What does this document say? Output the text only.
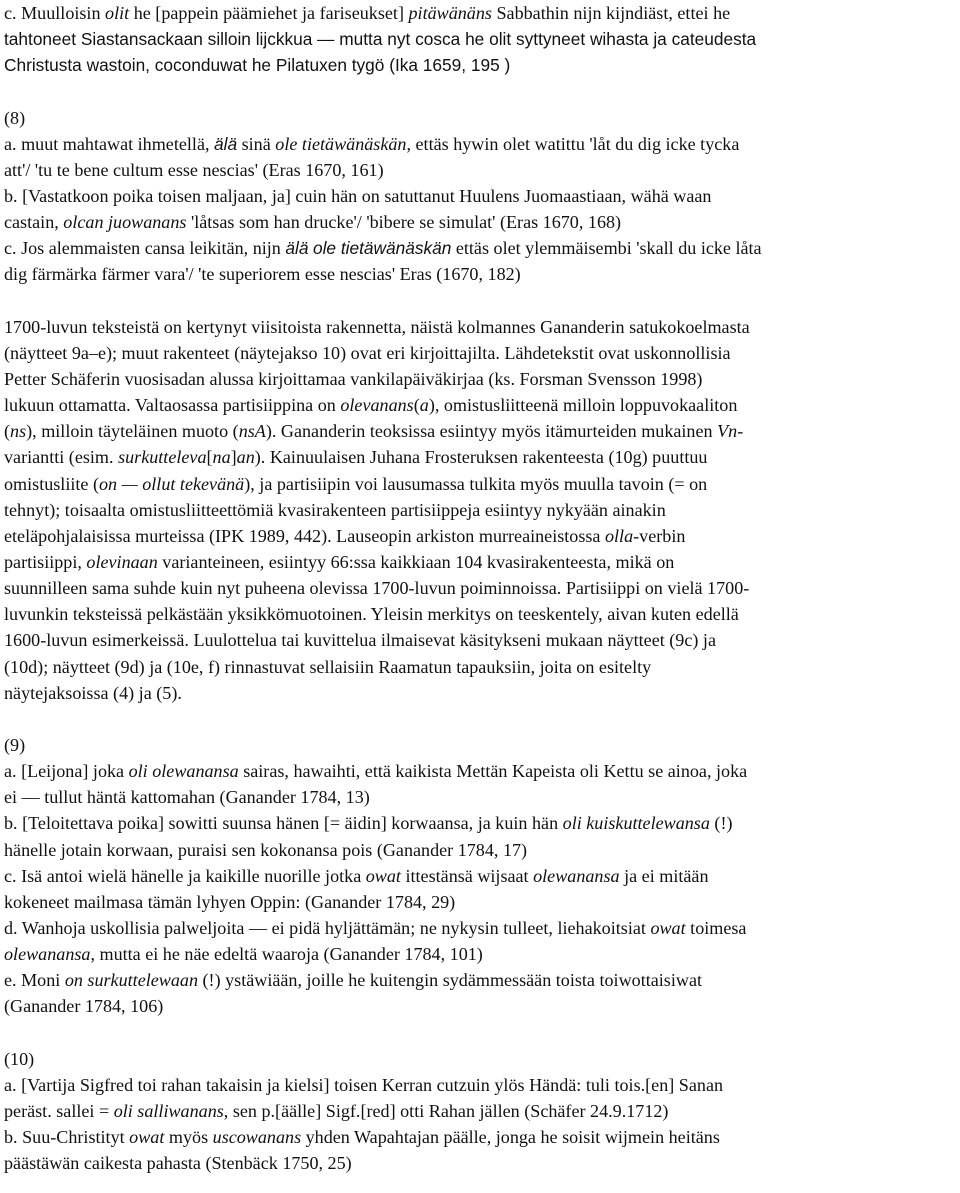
c. Muulloisin olit he [pappein päämiehet ja fariseukset] pitäwänäns Sabbathin nijn kijndiäst, ettei he
tahtoneet Siastansackaan silloin lijckkua — mutta nyt cosca he olit syttyneet wihasta ja cateudesta
Christusta wastoin, coconduwat he Pilatuxen tygö (Ika 1659, 195 )
(8)
a. muut mahtawat ihmetellä, älä sinä ole tietäwänäskän, ettäs hywin olet watittu 'låt du dig icke tycka
att'/ 'tu te bene cultum esse nescias' (Eras 1670, 161)
b. [Vastatkoon poika toisen maljaan, ja] cuin hän on satuttanut Huulens Juomaastiaan, wähä waan
castain, olcan juowanans 'låtsas som han drucke'/ 'bibere se simulat' (Eras 1670, 168)
c. Jos alemmaisten cansa leikitän, nijn älä ole tietäwänäskän ettäs olet ylemmäisembi 'skall du icke låta
dig färmärka färmer vara'/ 'te superiorem esse nescias' Eras (1670, 182)
1700-luvun teksteistä on kertynyt viisitoista rakennetta, näistä kolmannes Gananderin satukokoelmasta
(näytteet 9a–e); muut rakenteet (näytejakso 10) ovat eri kirjoittajilta. Lähdetekstit ovat uskonnollisia
Petter Schäferin vuosisadan alussa kirjoittamaa vankilapäiväkirjaa (ks. Forsman Svensson 1998)
lukuun ottamatta. Valtaosassa partisiippina on olevanans(a), omistusliitteenä milloin loppuvokaaliton
(ns), milloin täyteläinen muoto (nsA). Gananderin teoksissa esiintyy myös itämurteiden mukainen Vn-
variantti (esim. surkutteleva[na]an). Kainuulaisen Juhana Frosteruksen rakenteesta (10g) puuttuu
omistusliite (on — ollut tekevänä), ja partisiipin voi lausumassa tulkita myös muulla tavoin (= on
tehnyt); toisaalta omistusliitteettömiä kvasirakenteen partisiippeja esiintyy nykyään ainakin
eteläpohjalaisissa murteissa (IPK 1989, 442). Lauseopin arkiston murreaineistossa olla-verbin
partisiippi, olevinaan varianteineen, esiintyy 66:ssa kaikkiaan 104 kvasirakenteesta, mikä on
suunnilleen sama suhde kuin nyt puheena olevissa 1700-luvun poiminnoissa. Partisiippi on vielä 1700-
luvunkin teksteissä pelkästään yksikkömuotoinen. Yleisin merkitys on teeskentely, aivan kuten edellä
1600-luvun esimerkeissä. Luulottelua tai kuvittelua ilmaisevat käsitykseni mukaan näytteet (9c) ja
(10d); näytteet (9d) ja (10e, f) rinnastuvat sellaisiin Raamatun tapauksiin, joita on esitelty
näytejaksoissa (4) ja (5).
(9)
a. [Leijona] joka oli olewanansa sairas, hawaihti, että kaikista Mettän Kapeista oli Kettu se ainoa, joka
ei — tullut häntä kattomahan (Ganander 1784, 13)
b. [Teloitettava poika] sowitti suunsa hänen [= äidin] korwaansa, ja kuin hän oli kuiskuttelewansa (!)
hänelle jotain korwaan, puraisi sen kokonansa pois (Ganander 1784, 17)
c. Isä antoi wielä hänelle ja kaikille nuorille jotka owat ittestänsä wijsaat olewanansa ja ei mitään
kokeneet mailmasa tämän lyhyen Oppin: (Ganander 1784, 29)
d. Wanhoja uskollisia palweljoita — ei pidä hyljättämän; ne nykysin tulleet, liehakoitsiat owat toimesa
olewanansa, mutta ei he näe edeltä waaroja (Ganander 1784, 101)
e. Moni on surkuttelewaan (!) ystäwiään, joille he kuitengin sydämmessään toista toiwottaisiwat
(Ganander 1784, 106)
(10)
a. [Vartija Sigfred toi rahan takaisin ja kielsi] toisen Kerran cutzuin ylös Händä: tuli tois.[en] Sanan
peräst. sallei = oli salliwanans, sen p.[äälle] Sigf.[red] otti Rahan jällen (Schäfer 24.9.1712)
b. Suu-Christityt owat myös uscowanans yhden Wapahtajan päälle, jonga he soisit wijmein heitäns
päästäwän caikesta pahasta (Stenbäck 1750, 25)
